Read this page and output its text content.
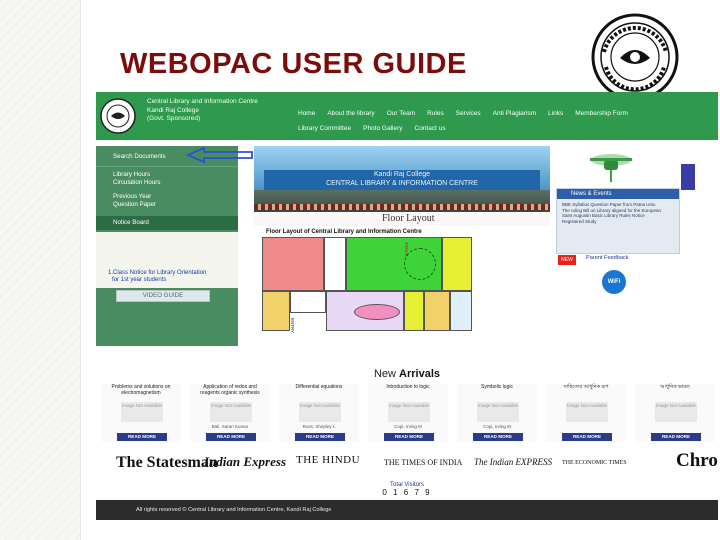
WEBOPAC USER GUIDE
Central Library and Information Centre
Kandi Raj College
(Govt. Sponsored)
Home About the library Our Team Rules Services Anti Plagiarism Links Membership Form
Library Committee Photo Gallery Contact us
Search Documents
Library Hours
Circulation Hours
Previous Year
Question Paper
Notice Board
1.Class Notice for Library Orientation
for 1st year students
VIDEO GUIDE
Kandi Raj College
CENTRAL LIBRARY & INFORMATION CENTRE
Floor Layout
Floor Layout of Central Library and Information Centre
STACK
ENTRY
News & Events
BBE Syllabus Question Paper from Patna Univ.
The ruling Bill on Library aligned for the European
Saint Augustin Basic Library Rules Notice
Registered Study
NEW	Parent Feedback
WiFi
New Arrivals
Problems and solutions on electromagnetism
Image Not Available
READ MORE
Application of redox and reagents organic synthesis
Image Not Available
Bali, Saran Kumar
READ MORE
Differential equations
Image Not Available
Ross, Shepley L
READ MORE
Introduction to logic
Image Not Available
Copi, Irving M
READ MORE
Symbolic logic
Image Not Available
Copi, Irving M
READ MORE
সাহিত্যের আধুনিক রূপ
Image Not Available
READ MORE
আধুনিক ভারত
Image Not Available
READ MORE
The Statesman
Indian Express THE HINDU	THE TIMES OF INDIA The Indian EXPRESS THE ECONOMIC TIMES	Chro
Total Visitors
0 1 6 7 9
All rights reserved © Central Library and Information Centre, Kandi Raj College
